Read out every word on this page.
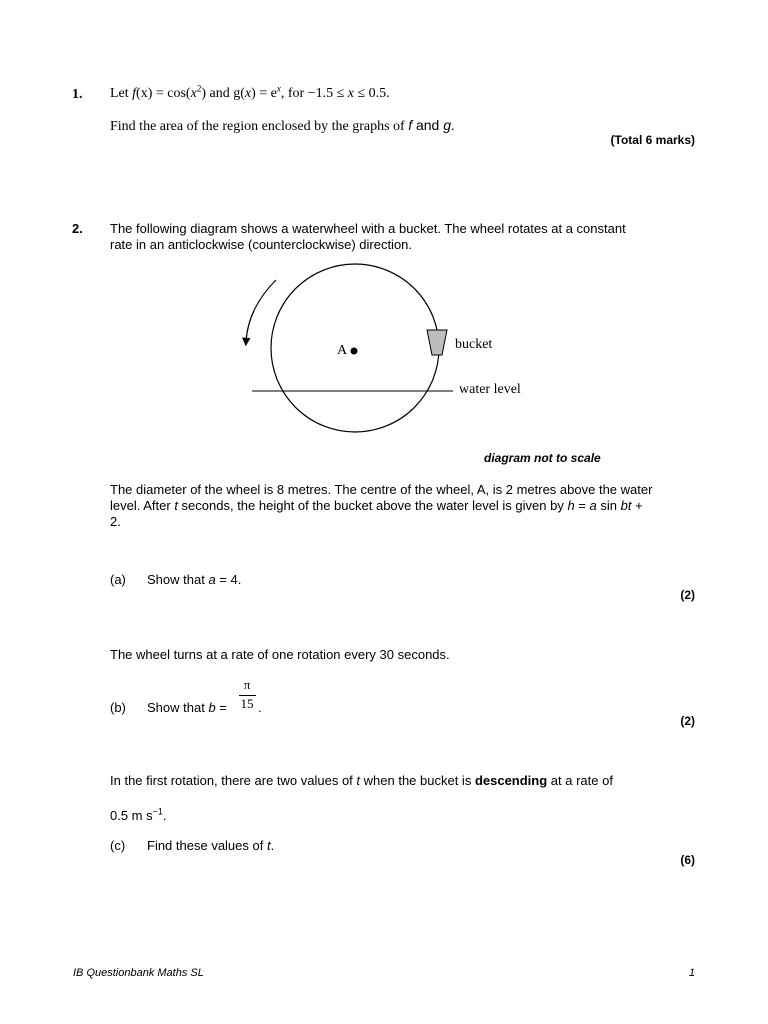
1. Let $f(x) = \cos(x^2)$ and $g(x) = e^x$, for −1.5 ≤ x ≤ 0.5.
Find the area of the region enclosed by the graphs of f and g.
(Total 6 marks)
2. The following diagram shows a waterwheel with a bucket. The wheel rotates at a constant rate in an anticlockwise (counterclockwise) direction.
A	bucket
water level
diagram not to scale
The diameter of the wheel is 8 metres. The centre of the wheel, A, is 2 metres above the water level. After t seconds, the height of the bucket above the water level is given by h = a sin bt + 2.
(a) Show that a = 4.
(2)
The wheel turns at a rate of one rotation every 30 seconds.
π
15
(b) Show that b = .
(2)
In the first rotation, there are two values of t when the bucket is descending at a rate of
0.5 m $s^{-1}$.
(c) Find these values of t.
(6)
IB Questionbank Maths SL	1
